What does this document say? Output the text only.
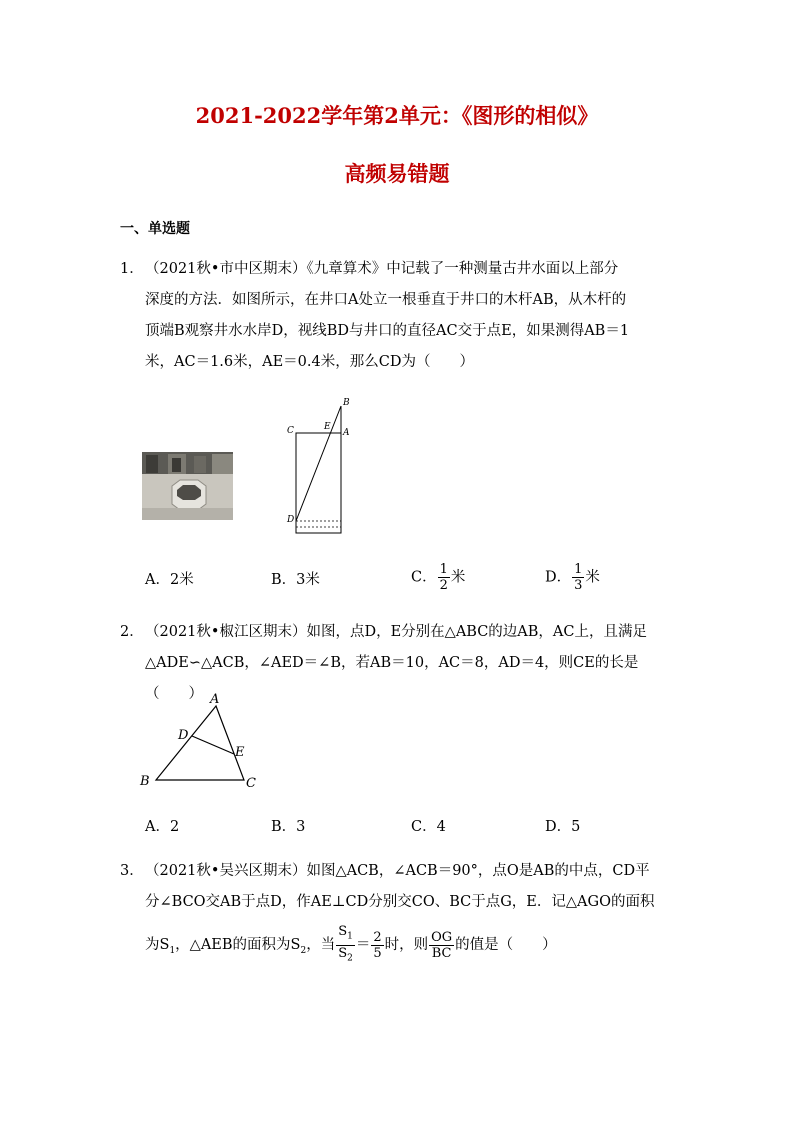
2021-2022学年第2单元：《图形的相似》
高频易错题
一、单选题
1． （2021秋•市中区期末）《九章算术》中记载了一种测量古井水面以上部分
深度的方法．如图所示，在井口A处立一根垂直于井口的木杆AB，从木杆的
顶端B观察井水水岸D，视线BD与井口的直径AC交于点E，如果测得AB＝1
米，AC＝1.6米，AE＝0.4米，那么CD为（　　）
B
C	E
A
D
A．2米	B．3米	C． $\frac{1}{2}$ 米	D． $\frac{1}{3}$ 米
2． （2021秋•椒江区期末）如图，点D，E分别在△ABC的边AB，AC上，且满足
△ADE∽△ACB，∠AED＝∠B，若AB＝10，AC＝8，AD＝4，则CE的长是（　　） A
D
E
B	C
A．2	B．3	C．4	D．5
3． （2021秋•吴兴区期末）如图△ACB，∠ACB＝90°，点O是AB的中点，CD平
分∠BCO交AB于点D，作AE⊥CD分别交CO、BC于点G，E．记△AGO的面积
为$S_1$，△AEB的面积为$S_2$，当 $\frac{S_1}{S_2} = \frac{2}{5}$ 时，则 $\frac{OG}{BC}$ 的值是（　　）
